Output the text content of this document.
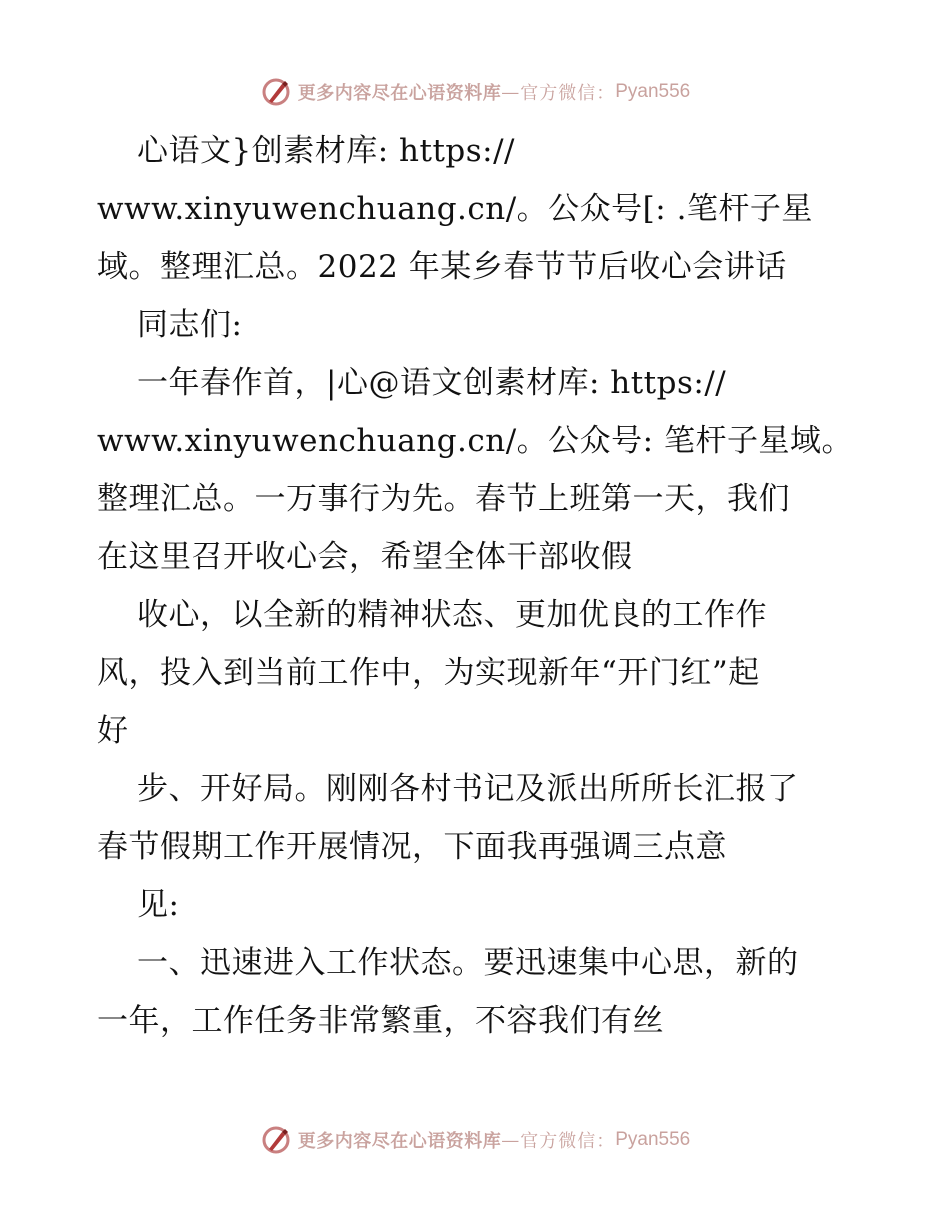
更多内容尽在心语资料库 — 官方微信： Pyan556
心语文}创素材库: https://
www.xinyuwenchuang.cn/。公众号[: .笔杆子星
域。整理汇总。2022 年某乡春节节后收心会讲话
同志们:
一年春作首，|心@语文创素材库: https://
www.xinyuwenchuang.cn/。公众号: 笔杆子星域。
整理汇总。一万事行为先。春节上班第一天，我们
在这里召开收心会，希望全体干部收假
收心，以全新的精神状态、更加优良的工作作
风，投入到当前工作中，为实现新年“开门红”起
好
步、开好局。刚刚各村书记及派出所所长汇报了
春节假期工作开展情况，下面我再强调三点意
见:
一、迅速进入工作状态。要迅速集中心思，新的
一年，工作任务非常繁重，不容我们有丝
更多内容尽在心语资料库 — 官方微信： Pyan556
